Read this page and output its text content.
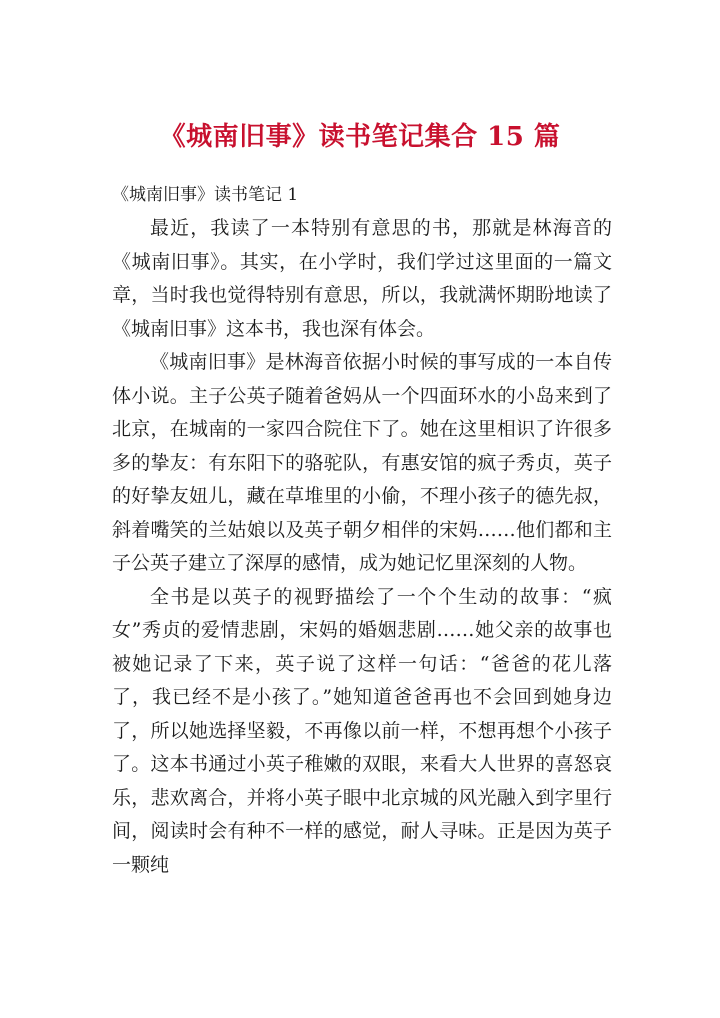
《城南旧事》读书笔记集合 15 篇
《城南旧事》读书笔记 1

最近，我读了一本特别有意思的书，那就是林海音的《城南旧事》。其实，在小学时，我们学过这里面的一篇文章，当时我也觉得特别有意思，所以，我就满怀期盼地读了《城南旧事》这本书，我也深有体会。

《城南旧事》是林海音依据小时候的事写成的一本自传体小说。主子公英子随着爸妈从一个四面环水的小岛来到了北京，在城南的一家四合院住下了。她在这里相识了许很多多的挚友：有东阳下的骆驼队，有惠安馆的疯子秀贞，英子的好挚友妞儿，藏在草堆里的小偷，不理小孩子的德先叔，斜着嘴笑的兰姑娘以及英子朝夕相伴的宋妈……他们都和主子公英子建立了深厚的感情，成为她记忆里深刻的人物。

全书是以英子的视野描绘了一个个生动的故事：“疯女”秀贞的爱情悲剧，宋妈的婚姻悲剧……她父亲的故事也被她记录了下来，英子说了这样一句话：“爸爸的花儿落了，我已经不是小孩了。”她知道爸爸再也不会回到她身边了，所以她选择坚毅，不再像以前一样，不想再想个小孩子了。这本书通过小英子稚嫩的双眼，来看大人世界的喜怒哀乐，悲欢离合，并将小英子眼中北京城的风光融入到字里行间，阅读时会有种不一样的感觉，耐人寻味。正是因为英子一颗纯
